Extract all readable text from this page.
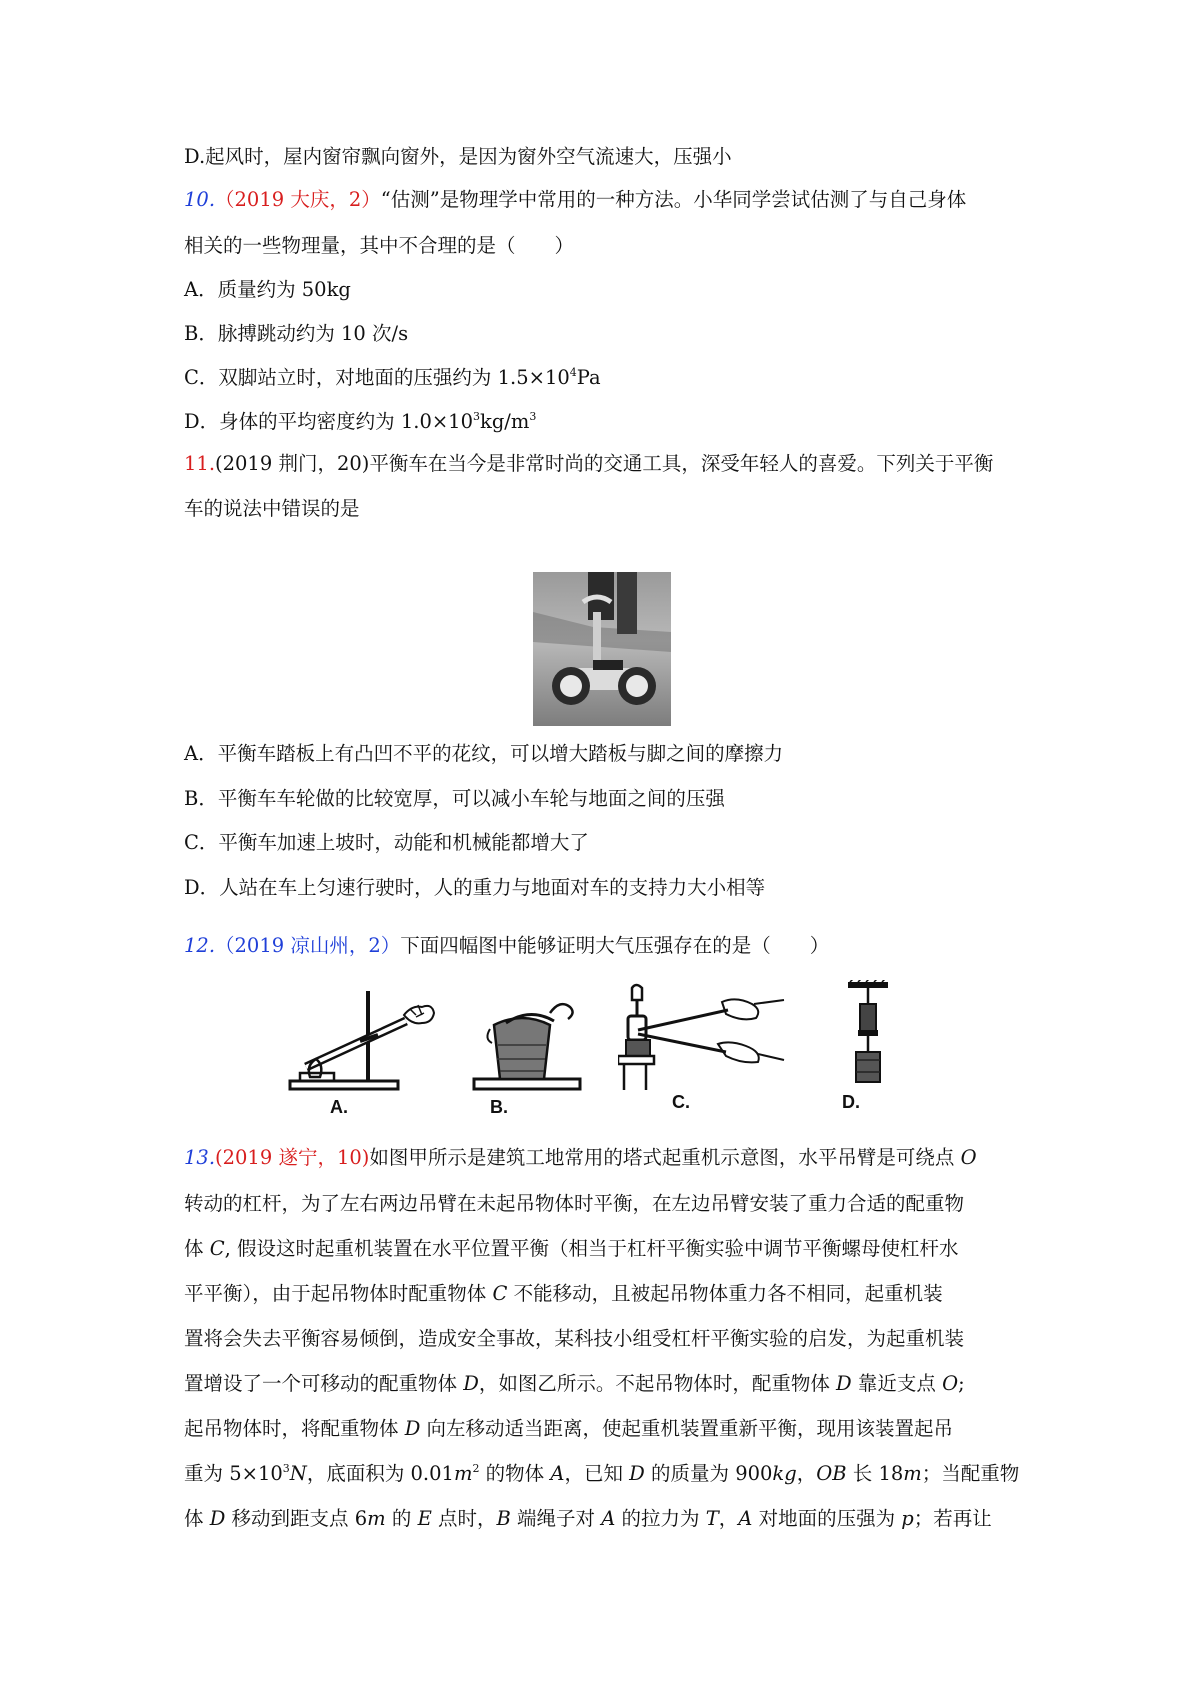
D.起风时，屋内窗帘飘向窗外，是因为窗外空气流速大，压强小
10.（2019 大庆，2）“估测”是物理学中常用的一种方法。小华同学尝试估测了与自己身体
相关的一些物理量，其中不合理的是（　　）
A．质量约为 50kg
B．脉搏跳动约为 10 次/s
C．双脚站立时，对地面的压强约为 $1.5\times 10^4Pa$
D．身体的平均密度约为 $1.0\times 10^3kg/m^3$
11.(2019 荆门，20)平衡车在当今是非常时尚的交通工具，深受年轻人的喜爱。下列关于平衡
车的说法中错误的是
A．平衡车踏板上有凸凹不平的花纹，可以增大踏板与脚之间的摩擦力
B．平衡车车轮做的比较宽厚，可以减小车轮与地面之间的压强
C．平衡车加速上坡时，动能和机械能都增大了
D．人站在车上匀速行驶时，人的重力与地面对车的支持力大小相等
12.（2019 凉山州，2）下面四幅图中能够证明大气压强存在的是（　　）
A.	B.	C.	D.
13.(2019 遂宁，10)如图甲所示是建筑工地常用的塔式起重机示意图，水平吊臂是可绕点 O
转动的杠杆，为了左右两边吊臂在未起吊物体时平衡，在左边吊臂安装了重力合适的配重物
体 C, 假设这时起重机装置在水平位置平衡（相当于杠杆平衡实验中调节平衡螺母使杠杆水
平平衡），由于起吊物体时配重物体 C 不能移动，且被起吊物体重力各不相同，起重机装
置将会失去平衡容易倾倒，造成安全事故，某科技小组受杠杆平衡实验的启发，为起重机装
置增设了一个可移动的配重物体 D，如图乙所示。不起吊物体时，配重物体 D 靠近支点 O;
起吊物体时，将配重物体 D 向左移动适当距离，使起重机装置重新平衡，现用该装置起吊
重为 $5\times 10^3N$，底面积为 $0.01m^2$ 的物体 A，已知 D 的质量为 900kg，OB 长 18m；当配重物
体 D 移动到距支点 6m 的 E 点时，B 端绳子对 A 的拉力为 T，A 对地面的压强为 p；若再让
